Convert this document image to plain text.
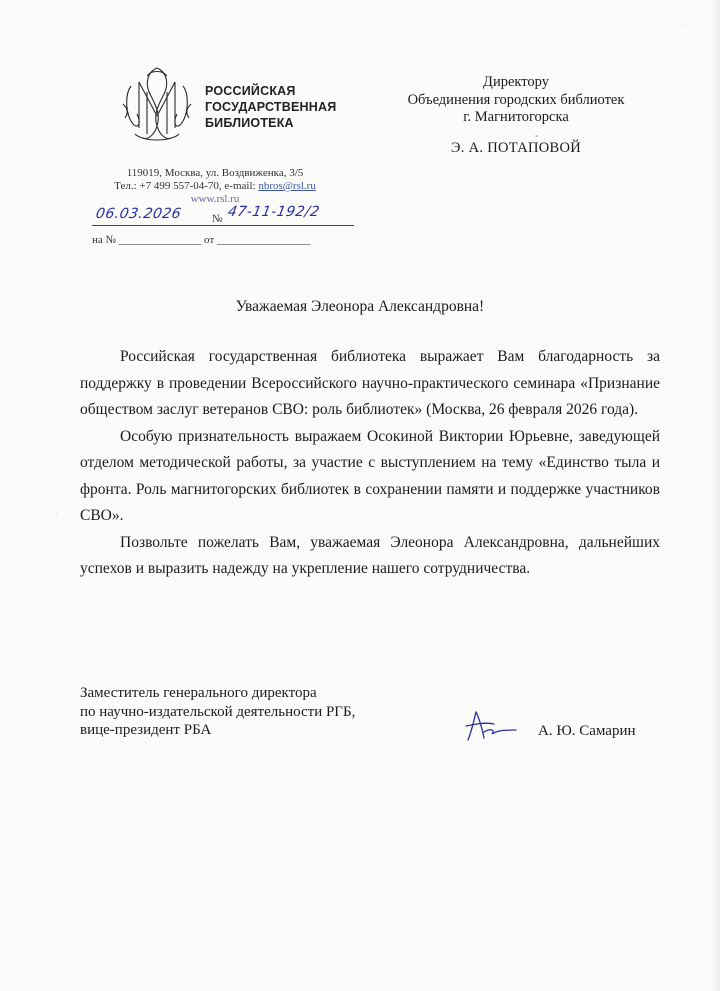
ˑ
РОССИЙСКАЯ
ГОСУДАРСТВЕННАЯ
БИБЛИОТЕКА
119019, Москва, ул. Воздвиженка, 3/5
Тел.: +7 499 557-04-70, e-mail: nbros@rsl.ru
www.rsl.ru
06.03.2026	№ 47-11-192/2
на № _______________ от _________________
Директору
Объединения городских библиотек
г. Магнитогорска
Э. А. ПОТАПОВОЙ
˳
Уважаемая Элеонора Александровна!

Российская государственная библиотека выражает Вам благодарность за поддержку в проведении Всероссийского научно-практического семинара «Признание обществом заслуг ветеранов СВО: роль библиотек» (Москва, 26 февраля 2026 года).

Особую признательность выражаем Осокиной Виктории Юрьевне, заведующей отделом методической работы, за участие с выступлением на тему «Единство тыла и фронта. Роль магнитогорских библиотек в сохранении памяти и поддержке участников СВО».

Позвольте пожелать Вам, уважаемая Элеонора Александровна, дальнейших успехов и выразить надежду на укрепление нашего сотрудничества.

·
Заместитель генерального директора
по научно-издательской деятельности РГБ,
вице-президент РБА	А. Ю. Самарин
